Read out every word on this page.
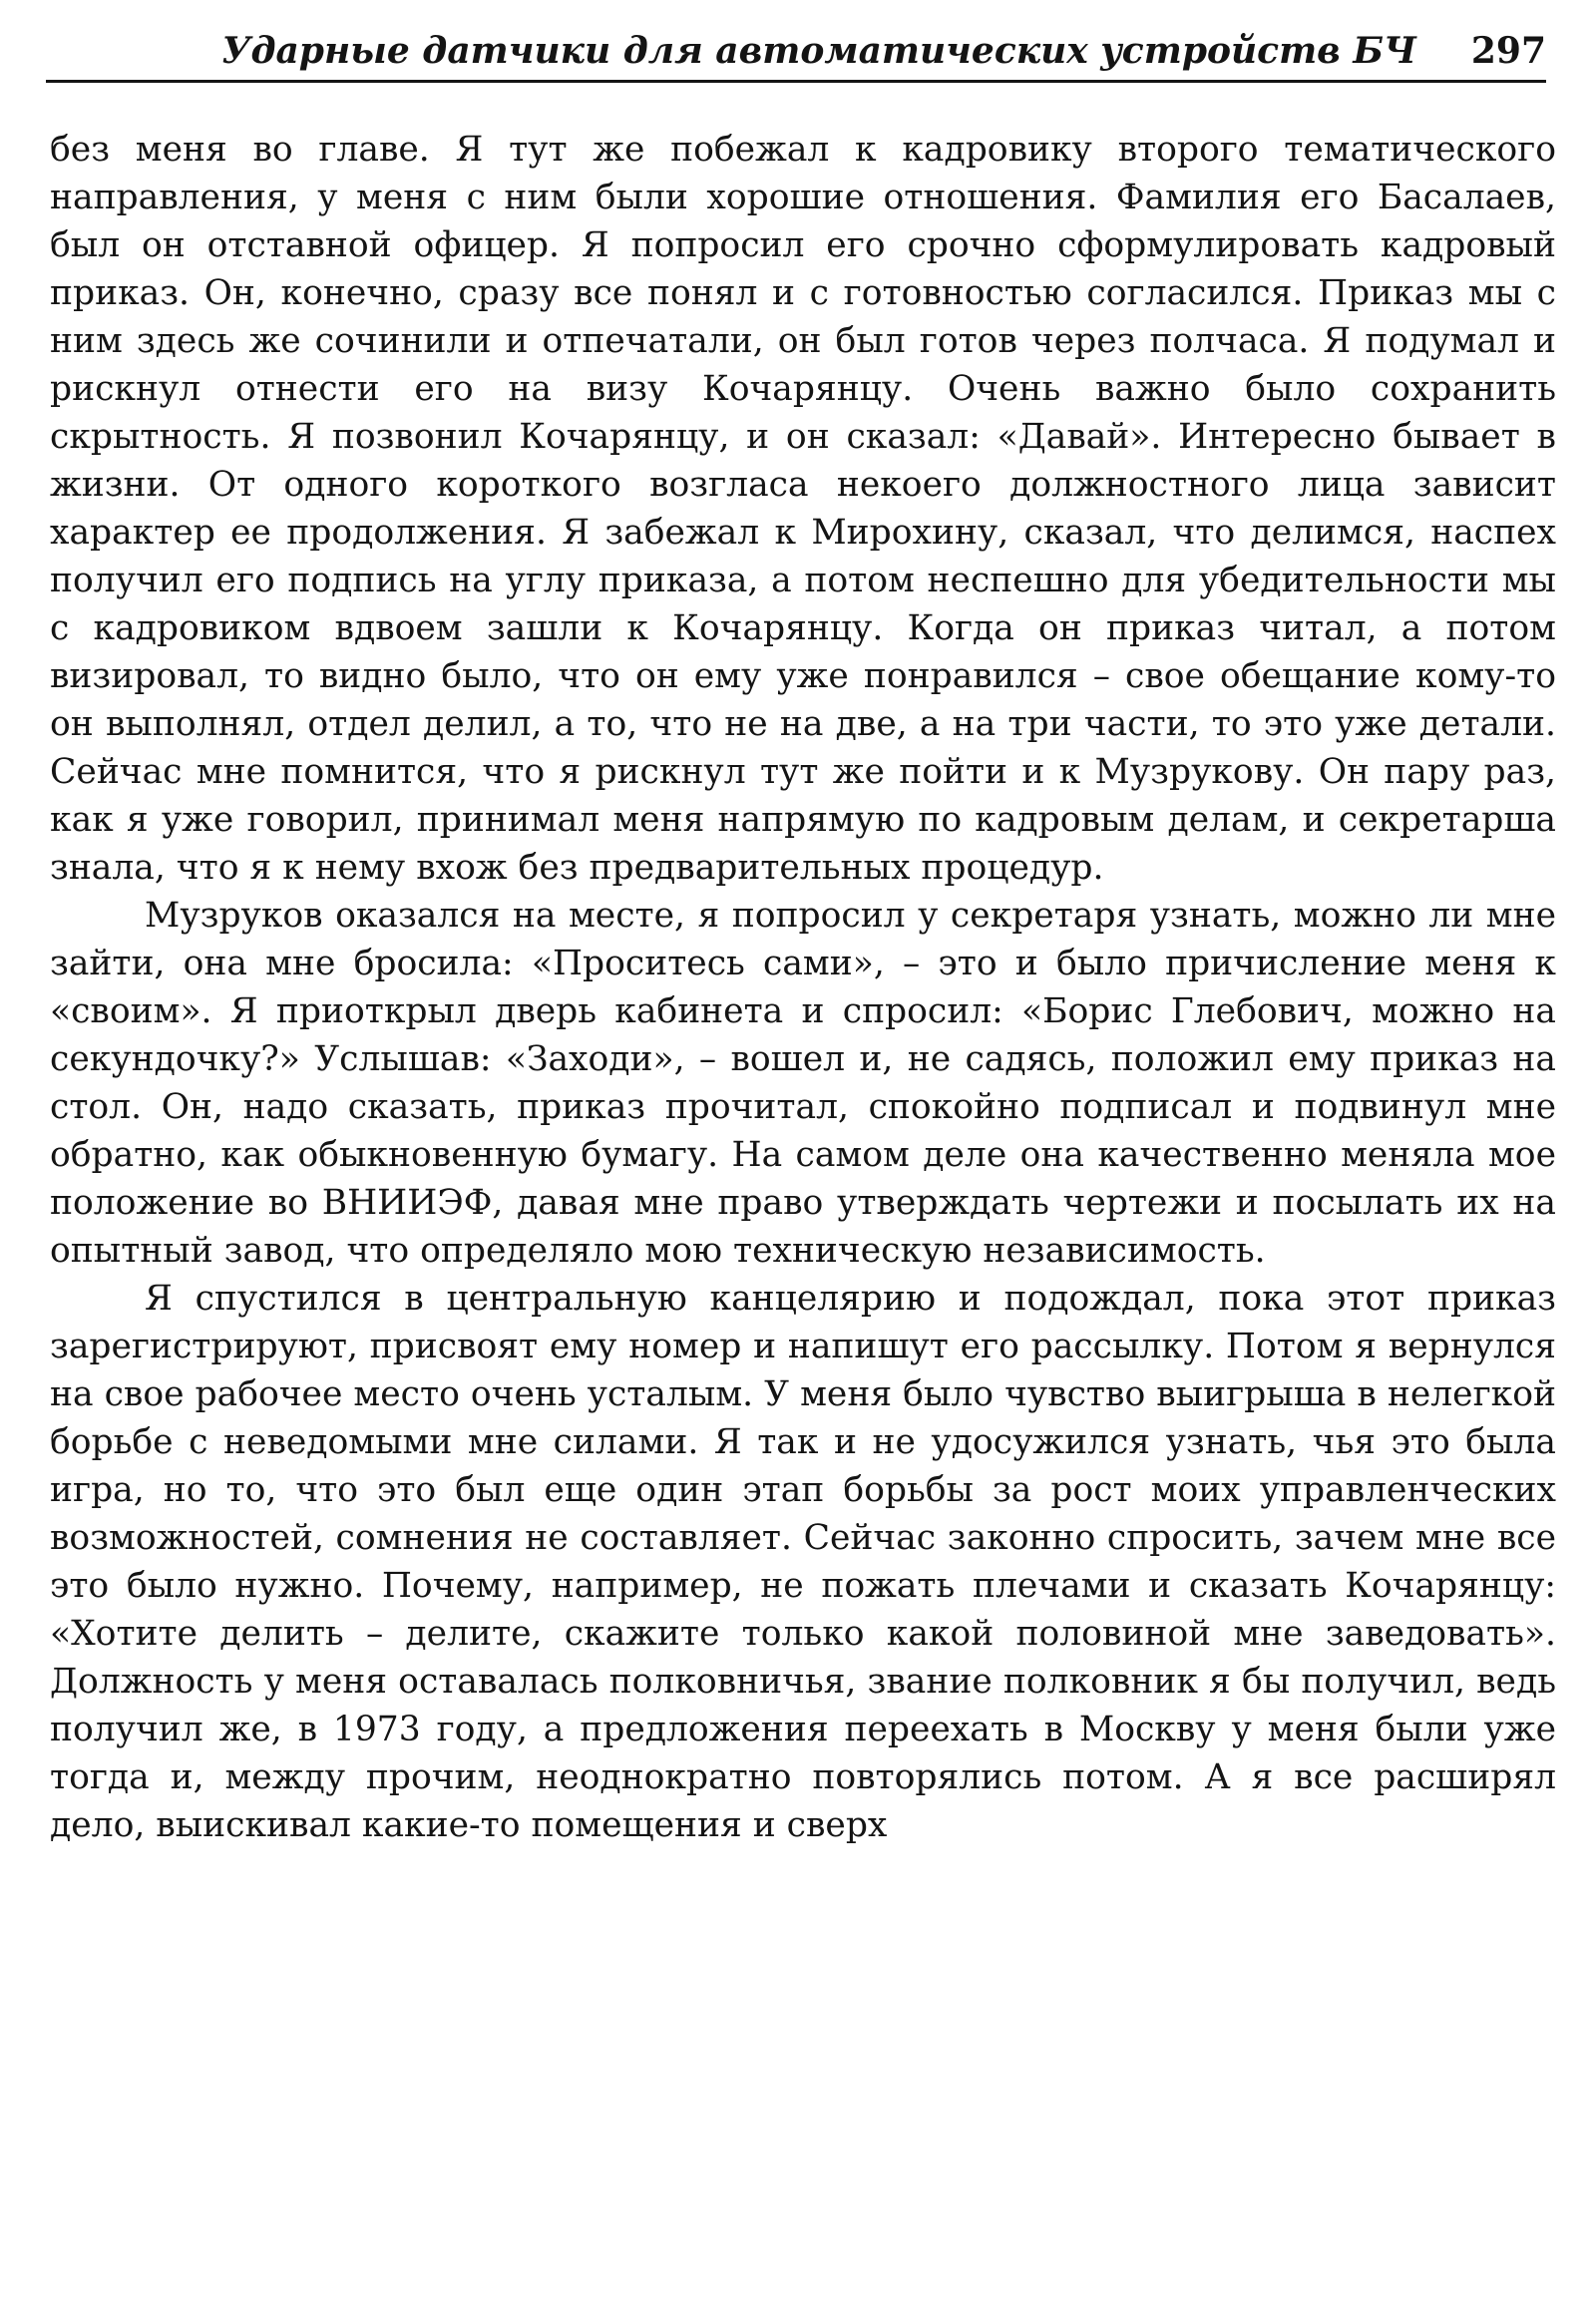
Ударные датчики для автоматических устройств БЧ 297

без меня во главе. Я тут же побежал к кадровику второго тематического направления, у меня с ним были хорошие отношения. Фамилия его Басалаев, был он отставной офицер. Я попросил его срочно сформулировать кадровый приказ. Он, конечно, сразу все понял и с готовностью согласился. Приказ мы с ним здесь же сочинили и отпечатали, он был готов через полчаса. Я подумал и рискнул отнести его на визу Кочарянцу. Очень важно было сохранить скрытность. Я позвонил Кочарянцу, и он сказал: «Давай». Интересно бывает в жизни. От одного короткого возгласа некоего должностного лица зависит характер ее продолжения. Я забежал к Мирохину, сказал, что делимся, наспех получил его подпись на углу приказа, а потом неспешно для убедительности мы с кадровиком вдвоем зашли к Кочарянцу. Когда он приказ читал, а потом визировал, то видно было, что он ему уже понравился – свое обещание кому-то он выполнял, отдел делил, а то, что не на две, а на три части, то это уже детали. Сейчас мне помнится, что я рискнул тут же пойти и к Музрукову. Он пару раз, как я уже говорил, принимал меня напрямую по кадровым делам, и секретарша знала, что я к нему вхож без предварительных процедур.

Музруков оказался на месте, я попросил у секретаря узнать, можно ли мне зайти, она мне бросила: «Проситесь сами», – это и было причисление меня к «своим». Я приоткрыл дверь кабинета и спросил: «Борис Глебович, можно на секундочку?» Услышав: «Заходи», – вошел и, не садясь, положил ему приказ на стол. Он, надо сказать, приказ прочитал, спокойно подписал и подвинул мне обратно, как обыкновенную бумагу. На самом деле она качественно меняла мое положение во ВНИИЭФ, давая мне право утверждать чертежи и посылать их на опытный завод, что определяло мою техническую независимость.

Я спустился в центральную канцелярию и подождал, пока этот приказ зарегистрируют, присвоят ему номер и напишут его рассылку. Потом я вернулся на свое рабочее место очень усталым. У меня было чувство выигрыша в нелегкой борьбе с неведомыми мне силами. Я так и не удосужился узнать, чья это была игра, но то, что это был еще один этап борьбы за рост моих управленческих возможностей, сомнения не составляет. Сейчас законно спросить, зачем мне все это было нужно. Почему, например, не пожать плечами и сказать Кочарянцу: «Хотите делить – делите, скажите только какой половиной мне заведовать». Должность у меня оставалась полковничья, звание полковник я бы получил, ведь получил же, в 1973 году, а предложения переехать в Москву у меня были уже тогда и, между прочим, неоднократно повторялись потом. А я все расширял дело, выискивал какие-то помещения и сверх
